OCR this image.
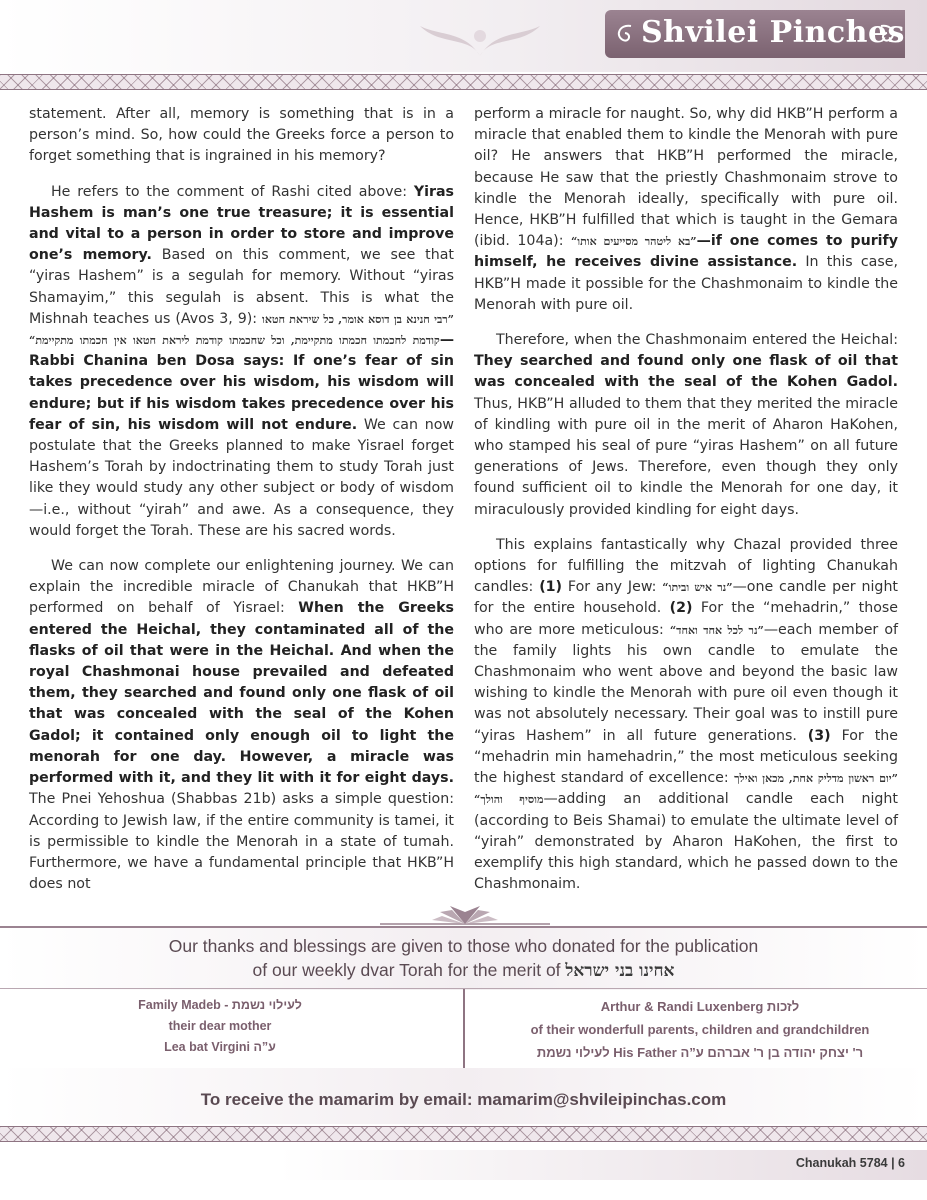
Shvilei Pinches

statement. After all, memory is something that is in a person’s mind. So, how could the Greeks force a person to forget something that is ingrained in his memory?

He refers to the comment of Rashi cited above: Yiras Hashem is man’s one true treasure; it is essential and vital to a person in order to store and improve one’s memory. Based on this comment, we see that “yiras Hashem” is a segulah for memory. Without “yiras Shamayim,” this segulah is absent. This is what the Mishnah teaches us (Avos 3, 9): ”רבי חנינא בן דוסא אומר, כל שיראת חטאו קודמת לחכמתו חכמתו מתקיימת, וכל שחכמתו קודמת ליראת חטאו אין חכמתו מתקיימת“—Rabbi Chanina ben Dosa says: If one’s fear of sin takes precedence over his wisdom, his wisdom will endure; but if his wisdom takes precedence over his fear of sin, his wisdom will not endure. We can now postulate that the Greeks planned to make Yisrael forget Hashem’s Torah by indoctrinating them to study Torah just like they would study any other subject or body of wisdom—i.e., without “yirah” and awe. As a consequence, they would forget the Torah. These are his sacred words.

We can now complete our enlightening journey. We can explain the incredible miracle of Chanukah that HKB”H performed on behalf of Yisrael: When the Greeks entered the Heichal, they contaminated all of the flasks of oil that were in the Heichal. And when the royal Chashmonai house prevailed and defeated them, they searched and found only one flask of oil that was concealed with the seal of the Kohen Gadol; it contained only enough oil to light the menorah for one day. However, a miracle was performed with it, and they lit with it for eight days. The Pnei Yehoshua (Shabbas 21b) asks a simple question: According to Jewish law, if the entire community is tamei, it is permissible to kindle the Menorah in a state of tumah. Furthermore, we have a fundamental principle that HKB”H does not

perform a miracle for naught. So, why did HKB”H perform a miracle that enabled them to kindle the Menorah with pure oil? He answers that HKB”H performed the miracle, because He saw that the priestly Chashmonaim strove to kindle the Menorah ideally, specifically with pure oil. Hence, HKB”H fulfilled that which is taught in the Gemara (ibid. 104a): ”בא ליטהר מסייעים אותו“—if one comes to purify himself, he receives divine assistance. In this case, HKB”H made it possible for the Chashmonaim to kindle the Menorah with pure oil.

Therefore, when the Chashmonaim entered the Heichal: They searched and found only one flask of oil that was concealed with the seal of the Kohen Gadol. Thus, HKB”H alluded to them that they merited the miracle of kindling with pure oil in the merit of Aharon HaKohen, who stamped his seal of pure “yiras Hashem” on all future generations of Jews. Therefore, even though they only found sufficient oil to kindle the Menorah for one day, it miraculously provided kindling for eight days.

This explains fantastically why Chazal provided three options for fulfilling the mitzvah of lighting Chanukah candles: (1) For any Jew: ”נר איש וביתו“—one candle per night for the entire household. (2) For the “mehadrin,” those who are more meticulous: ”נר לכל אחד ואחד“—each member of the family lights his own candle to emulate the Chashmonaim who went above and beyond the basic law wishing to kindle the Menorah with pure oil even though it was not absolutely necessary. Their goal was to instill pure “yiras Hashem” in all future generations. (3) For the “mehadrin min hamehadrin,” the most meticulous seeking the highest standard of excellence: ”יום ראשון מדליק אחת, מכאן ואילך מוסיף והולך“—adding an additional candle each night (according to Beis Shamai) to emulate the ultimate level of “yirah” demonstrated by Aharon HaKohen, the first to exemplify this high standard, which he passed down to the Chashmonaim.

Our thanks and blessings are given to those who donated for the publication
of our weekly dvar Torah for the merit of אחינו בני ישראל
Family Madeb - לעילוי נשמת
their dear mother
Lea bat Virgini ע”ה
Arthur & Randi Luxenberg לזכות
of their wonderfull parents, children and grandchildren
לעילוי נשמת His Father ר' יצחק יהודה בן ר' אברהם ע”ה
To receive the mamarim by email: mamarim@shvileipinchas.com
Chanukah 5784 | 6
